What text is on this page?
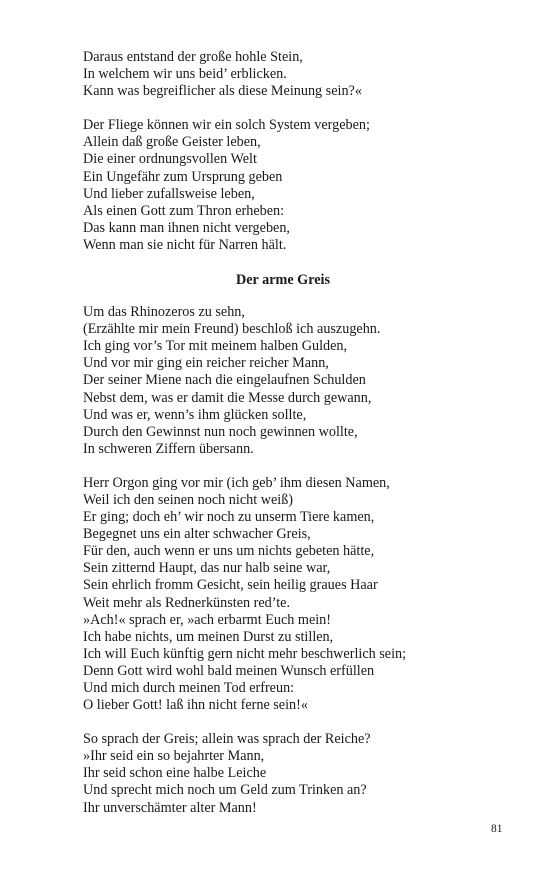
Daraus entstand der große hohle Stein,
In welchem wir uns beid’ erblicken.
Kann was begreiflicher als diese Meinung sein?«
Der Fliege können wir ein solch System vergeben;
Allein daß große Geister leben,
Die einer ordnungsvollen Welt
Ein Ungefähr zum Ursprung geben
Und lieber zufallsweise leben,
Als einen Gott zum Thron erheben:
Das kann man ihnen nicht vergeben,
Wenn man sie nicht für Narren hält.
Der arme Greis
Um das Rhinozeros zu sehn,
(Erzählte mir mein Freund) beschloß ich auszugehn.
Ich ging vor’s Tor mit meinem halben Gulden,
Und vor mir ging ein reicher reicher Mann,
Der seiner Miene nach die eingelaufnen Schulden
Nebst dem, was er damit die Messe durch gewann,
Und was er, wenn’s ihm glücken sollte,
Durch den Gewinnst nun noch gewinnen wollte,
In schweren Ziffern übersann.
Herr Orgon ging vor mir (ich geb’ ihm diesen Namen,
Weil ich den seinen noch nicht weiß)
Er ging; doch eh’ wir noch zu unserm Tiere kamen,
Begegnet uns ein alter schwacher Greis,
Für den, auch wenn er uns um nichts gebeten hätte,
Sein zitternd Haupt, das nur halb seine war,
Sein ehrlich fromm Gesicht, sein heilig graues Haar
Weit mehr als Rednerkünsten red’te.
»Ach!« sprach er, »ach erbarmt Euch mein!
Ich habe nichts, um meinen Durst zu stillen,
Ich will Euch künftig gern nicht mehr beschwerlich sein;
Denn Gott wird wohl bald meinen Wunsch erfüllen
Und mich durch meinen Tod erfreun:
O lieber Gott! laß ihn nicht ferne sein!«
So sprach der Greis; allein was sprach der Reiche?
»Ihr seid ein so bejahrter Mann,
Ihr seid schon eine halbe Leiche
Und sprecht mich noch um Geld zum Trinken an?
Ihr unverschämter alter Mann!
81
